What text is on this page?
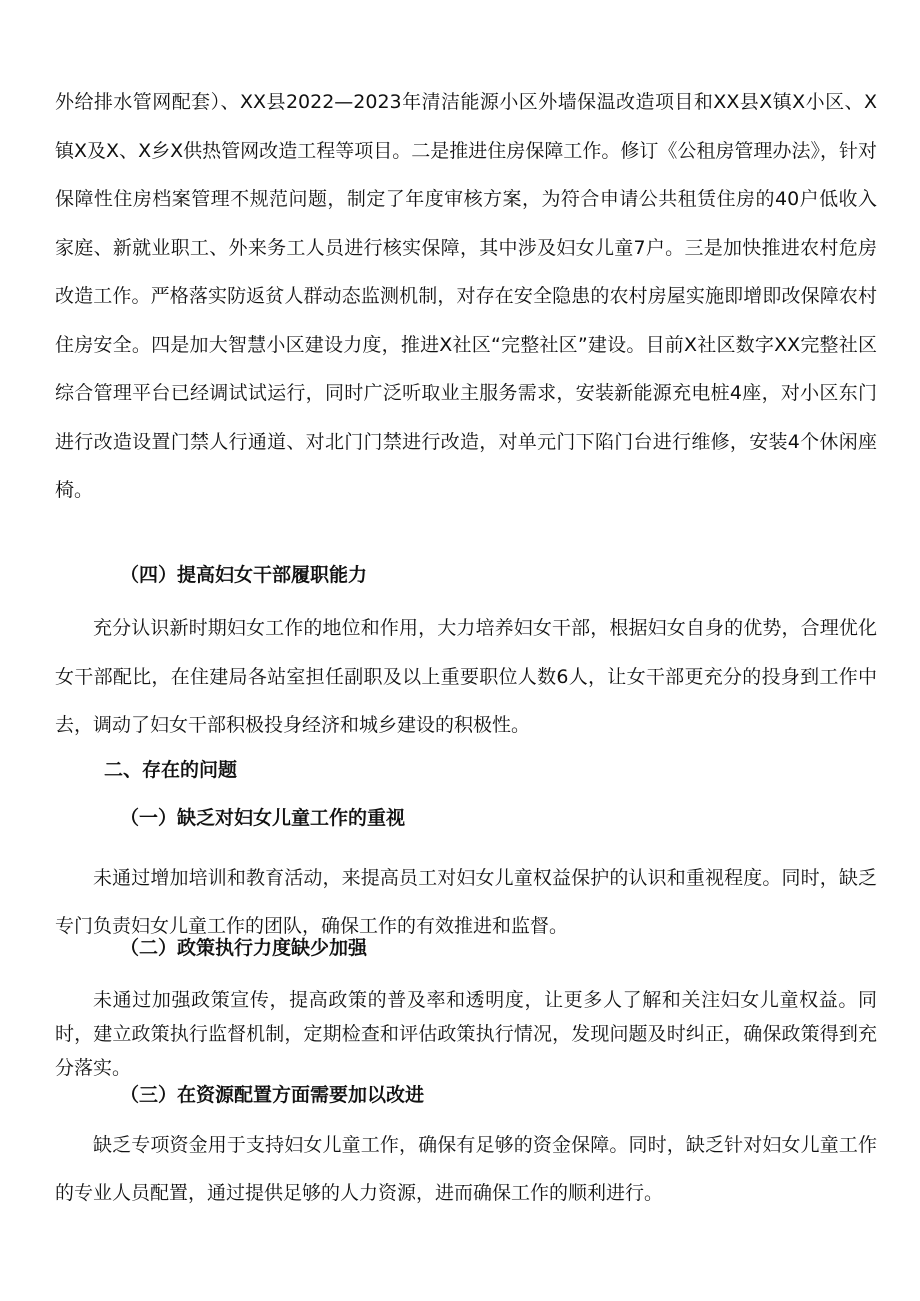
外给排水管网配套）、XX县2022—2023年清洁能源小区外墙保温改造项目和XX县X镇X小区、X镇X及X、X乡X供热管网改造工程等项目。二是推进住房保障工作。修订《公租房管理办法》，针对保障性住房档案管理不规范问题，制定了年度审核方案，为符合申请公共租赁住房的40户低收入家庭、新就业职工、外来务工人员进行核实保障，其中涉及妇女儿童7户。三是加快推进农村危房改造工作。严格落实防返贫人群动态监测机制，对存在安全隐患的农村房屋实施即增即改保障农村住房安全。四是加大智慧小区建设力度，推进X社区“完整社区”建设。目前X社区数字XX完整社区综合管理平台已经调试试运行，同时广泛听取业主服务需求，安装新能源充电桩4座，对小区东门进行改造设置门禁人行通道、对北门门禁进行改造，对单元门下陷门台进行维修，安装4个休闲座椅。

（四）提高妇女干部履职能力

充分认识新时期妇女工作的地位和作用，大力培养妇女干部，根据妇女自身的优势，合理优化女干部配比，在住建局各站室担任副职及以上重要职位人数6人，让女干部更充分的投身到工作中去，调动了妇女干部积极投身经济和城乡建设的积极性。

二、存在的问题
（一）缺乏对妇女儿童工作的重视

未通过增加培训和教育活动，来提高员工对妇女儿童权益保护的认识和重视程度。同时，缺乏专门负责妇女儿童工作的团队，确保工作的有效推进和监督。

（二）政策执行力度缺少加强

未通过加强政策宣传，提高政策的普及率和透明度，让更多人了解和关注妇女儿童权益。同时，建立政策执行监督机制，定期检查和评估政策执行情况，发现问题及时纠正，确保政策得到充分落实。

（三）在资源配置方面需要加以改进

缺乏专项资金用于支持妇女儿童工作，确保有足够的资金保障。同时，缺乏针对妇女儿童工作的专业人员配置，通过提供足够的人力资源，进而确保工作的顺利进行。
